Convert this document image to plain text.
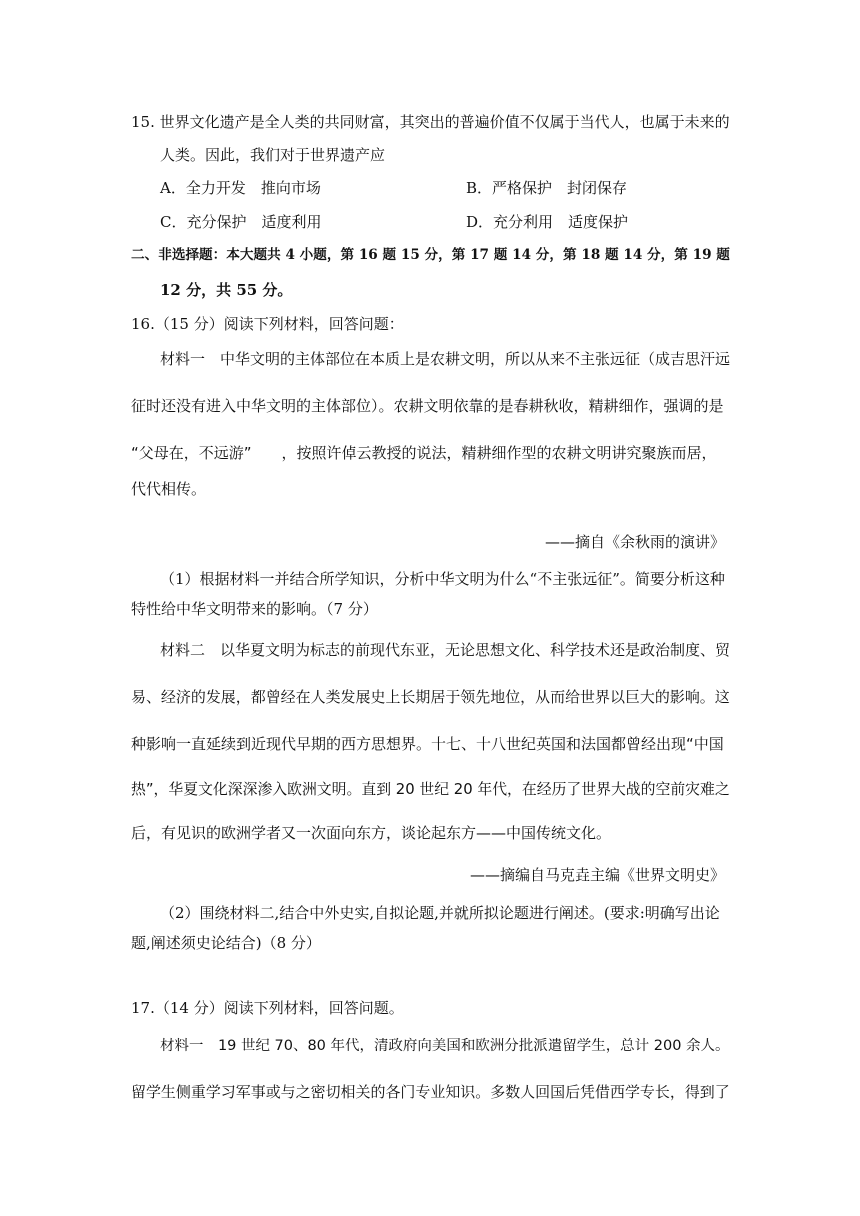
15. 世界文化遗产是全人类的共同财富，其突出的普遍价值不仅属于当代人，也属于未来的
人类。因此，我们对于世界遗产应
A．全力开发　推向市场	B．严格保护　封闭保存
C．充分保护　适度利用	D．充分利用　适度保护
二、非选择题：本大题共 4 小题，第 16 题 15 分，第 17 题 14 分，第 18 题 14 分，第 19 题
12 分，共 55 分。
16.（15 分）阅读下列材料，回答问题：
材料一　中华文明的主体部位在本质上是农耕文明，所以从来不主张远征（成吉思汗远
征时还没有进入中华文明的主体部位）。农耕文明依靠的是春耕秋收，精耕细作，强调的是
“父母在，不远游”　　，按照许倬云教授的说法，精耕细作型的农耕文明讲究聚族而居，
代代相传。
——摘自《余秋雨的演讲》
（1）根据材料一并结合所学知识，分析中华文明为什么“不主张远征”。简要分析这种
特性给中华文明带来的影响。（7 分）
材料二　以华夏文明为标志的前现代东亚，无论思想文化、科学技术还是政治制度、贸
易、经济的发展，都曾经在人类发展史上长期居于领先地位，从而给世界以巨大的影响。这
种影响一直延续到近现代早期的西方思想界。十七、十八世纪英国和法国都曾经出现“中国
热”，华夏文化深深渗入欧洲文明。直到 20 世纪 20 年代，在经历了世界大战的空前灾难之
后，有见识的欧洲学者又一次面向东方，谈论起东方——中国传统文化。
——摘编自马克垚主编《世界文明史》
（2）围绕材料二,结合中外史实,自拟论题,并就所拟论题进行阐述。(要求:明确写出论
题,阐述须史论结合)（8 分）
17.（14 分）阅读下列材料，回答问题。
材料一　19 世纪 70、80 年代，清政府向美国和欧洲分批派遣留学生，总计 200 余人。
留学生侧重学习军事或与之密切相关的各门专业知识。多数人回国后凭借西学专长，得到了
